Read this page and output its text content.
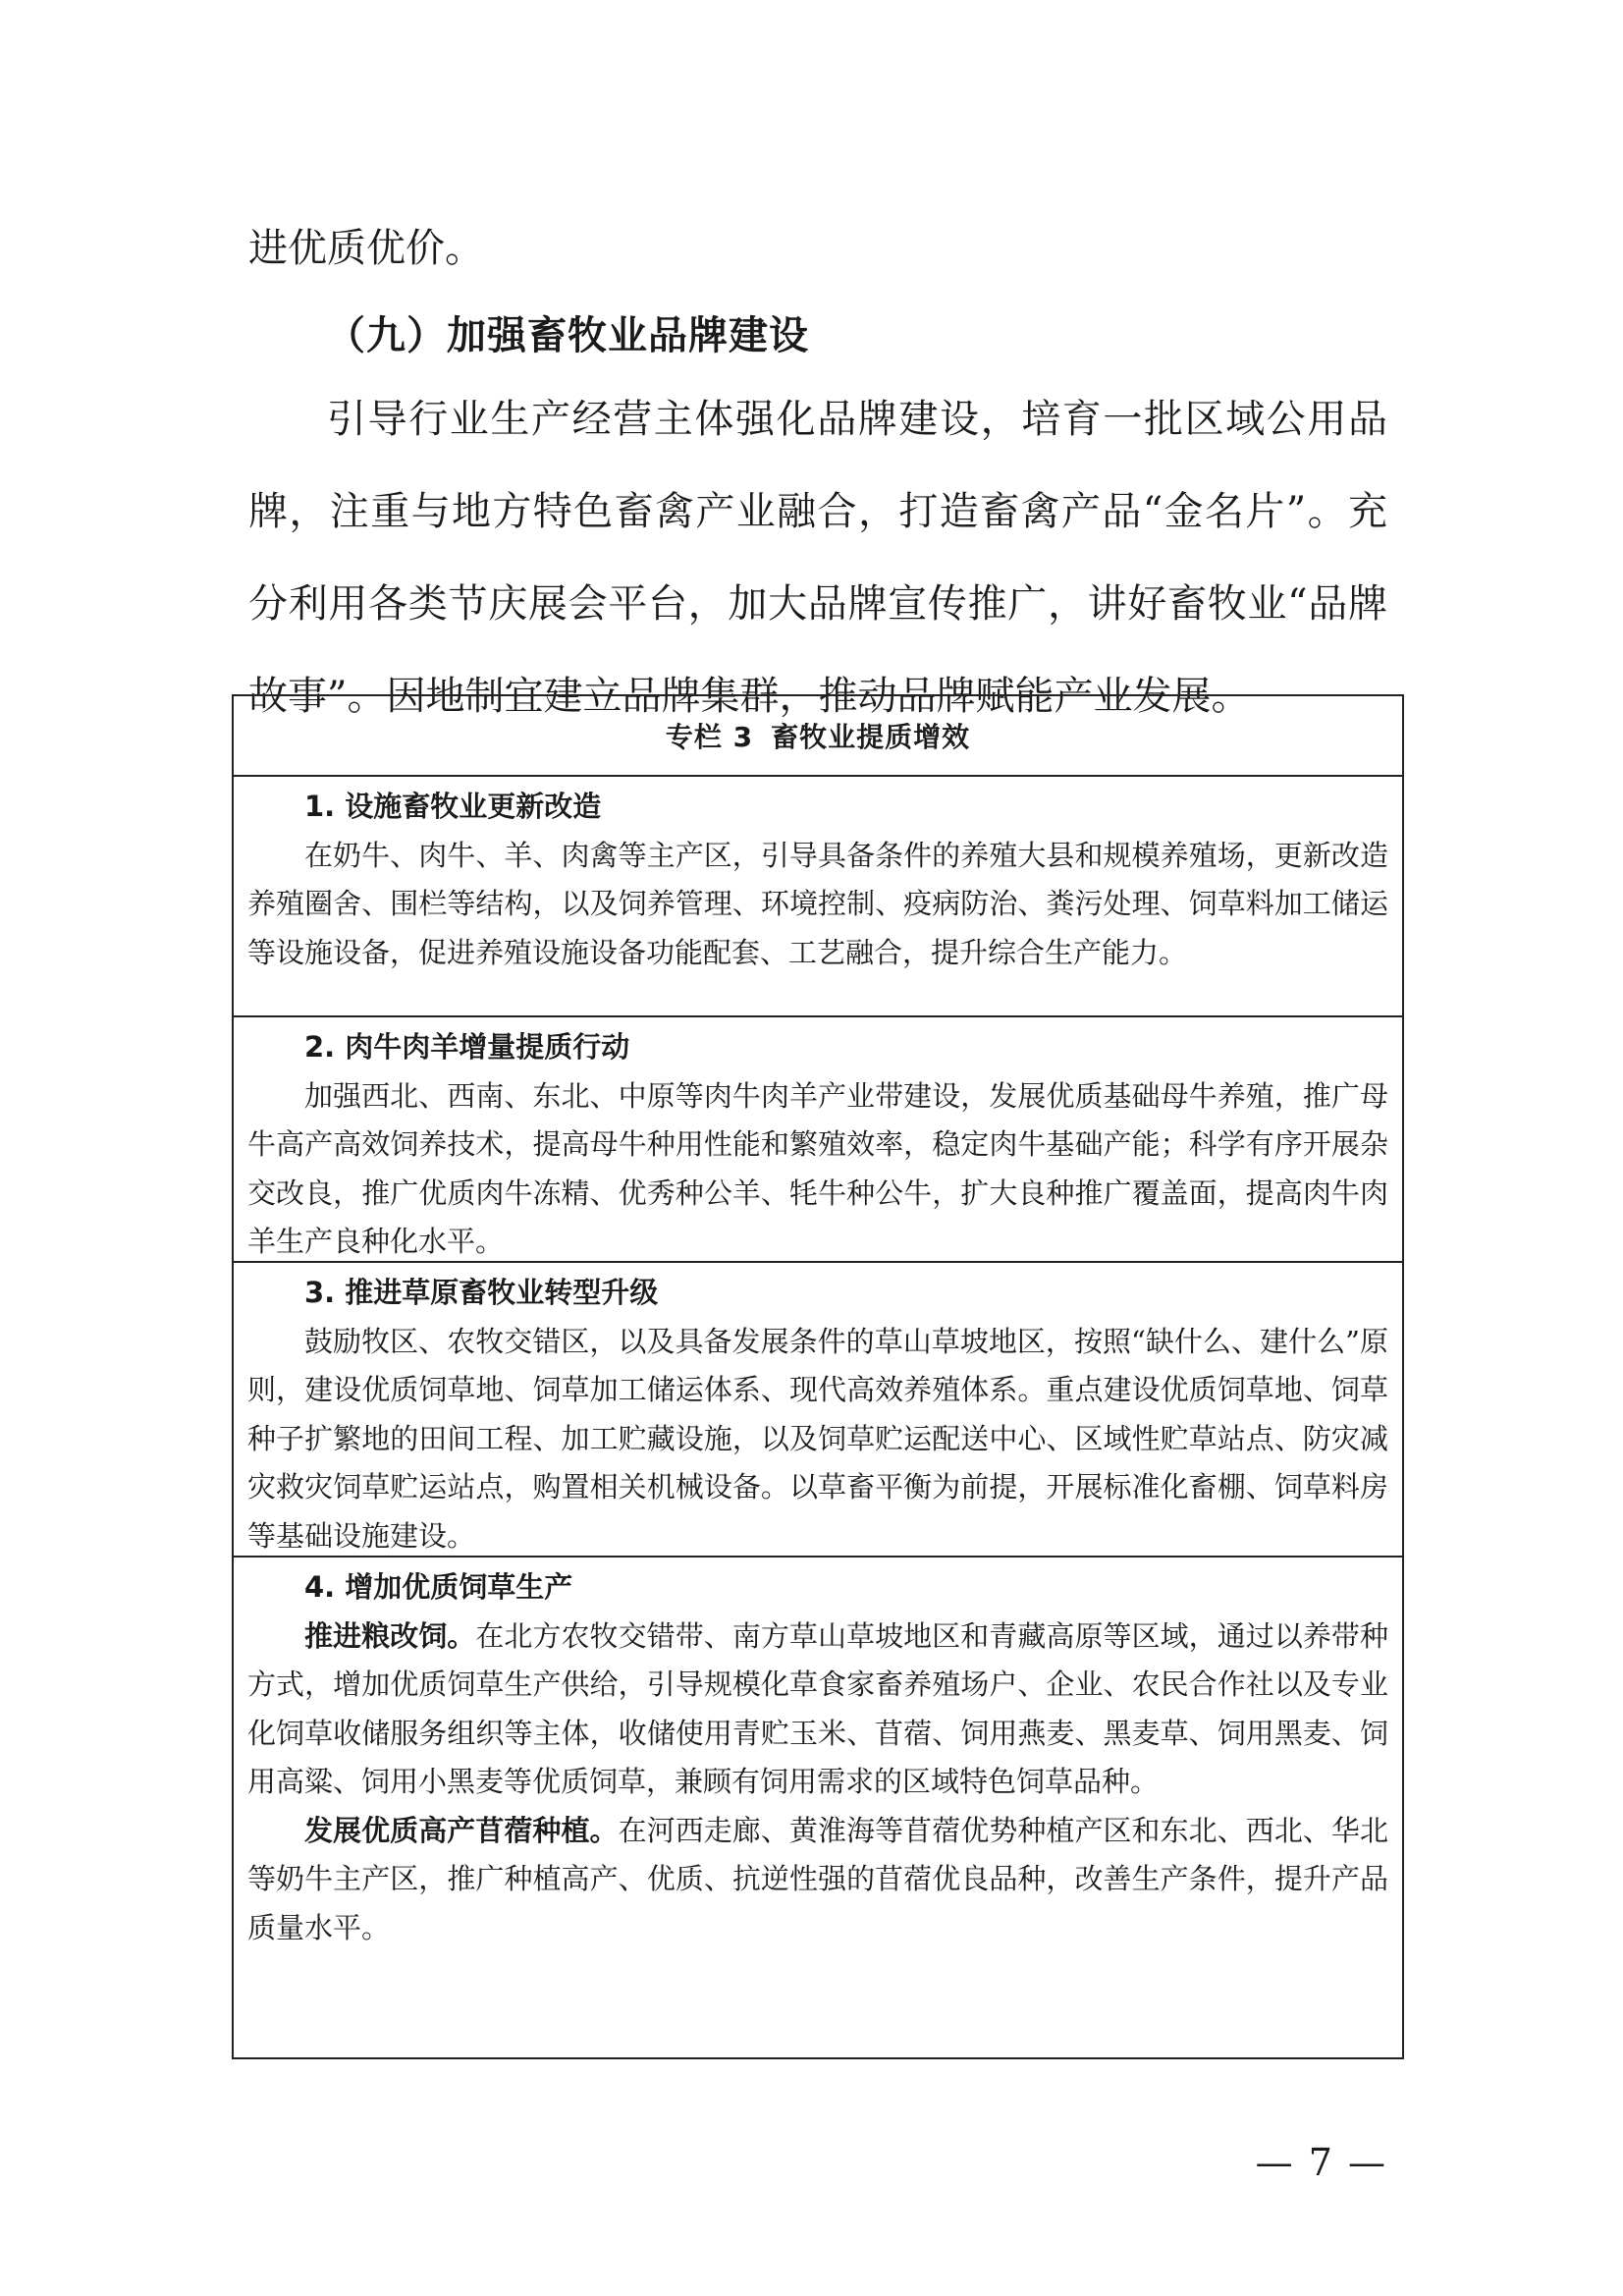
进优质优价。

（九）加强畜牧业品牌建设

引导行业生产经营主体强化品牌建设，培育一批区域公用品牌，注重与地方特色畜禽产业融合，打造畜禽产品“金名片”。充分利用各类节庆展会平台，加大品牌宣传推广，讲好畜牧业“品牌故事”。因地制宜建立品牌集群，推动品牌赋能产业发展。

专栏 3 畜牧业提质增效

1. 设施畜牧业更新改造

在奶牛、肉牛、羊、肉禽等主产区，引导具备条件的养殖大县和规模养殖场，更新改造养殖圈舍、围栏等结构，以及饲养管理、环境控制、疫病防治、粪污处理、饲草料加工储运等设施设备，促进养殖设施设备功能配套、工艺融合，提升综合生产能力。

2. 肉牛肉羊增量提质行动

加强西北、西南、东北、中原等肉牛肉羊产业带建设，发展优质基础母牛养殖，推广母牛高产高效饲养技术，提高母牛种用性能和繁殖效率，稳定肉牛基础产能；科学有序开展杂交改良，推广优质肉牛冻精、优秀种公羊、牦牛种公牛，扩大良种推广覆盖面，提高肉牛肉羊生产良种化水平。

3. 推进草原畜牧业转型升级

鼓励牧区、农牧交错区，以及具备发展条件的草山草坡地区，按照“缺什么、建什么”原则，建设优质饲草地、饲草加工储运体系、现代高效养殖体系。重点建设优质饲草地、饲草种子扩繁地的田间工程、加工贮藏设施，以及饲草贮运配送中心、区域性贮草站点、防灾减灾救灾饲草贮运站点，购置相关机械设备。以草畜平衡为前提，开展标准化畜棚、饲草料房等基础设施建设。

4. 增加优质饲草生产

推进粮改饲。在北方农牧交错带、南方草山草坡地区和青藏高原等区域，通过以养带种方式，增加优质饲草生产供给，引导规模化草食家畜养殖场户、企业、农民合作社以及专业化饲草收储服务组织等主体，收储使用青贮玉米、苜蓿、饲用燕麦、黑麦草、饲用黑麦、饲用高粱、饲用小黑麦等优质饲草，兼顾有饲用需求的区域特色饲草品种。

发展优质高产苜蓿种植。在河西走廊、黄淮海等苜蓿优势种植产区和东北、西北、华北等奶牛主产区，推广种植高产、优质、抗逆性强的苜蓿优良品种，改善生产条件，提升产品质量水平。

— 7 —
